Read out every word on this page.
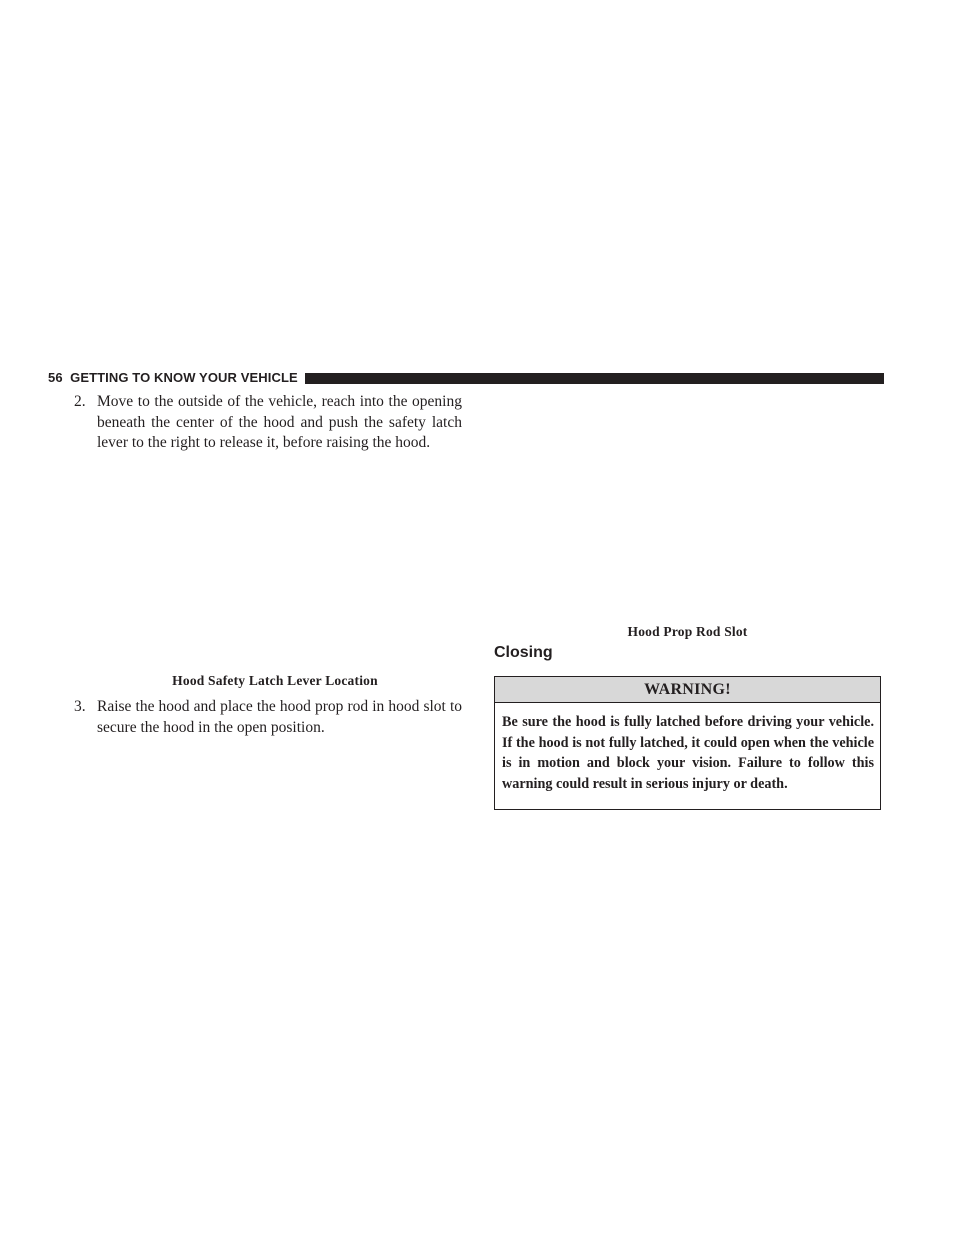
56 GETTING TO KNOW YOUR VEHICLE
2. Move to the outside of the vehicle, reach into the opening beneath the center of the hood and push the safety latch lever to the right to release it, before raising the hood.
Hood Safety Latch Lever Location
3. Raise the hood and place the hood prop rod in hood slot to secure the hood in the open position.
Hood Prop Rod Slot
Closing
WARNING!
Be sure the hood is fully latched before driving your vehicle. If the hood is not fully latched, it could open when the vehicle is in motion and block your vision. Failure to follow this warning could result in serious injury or death.
